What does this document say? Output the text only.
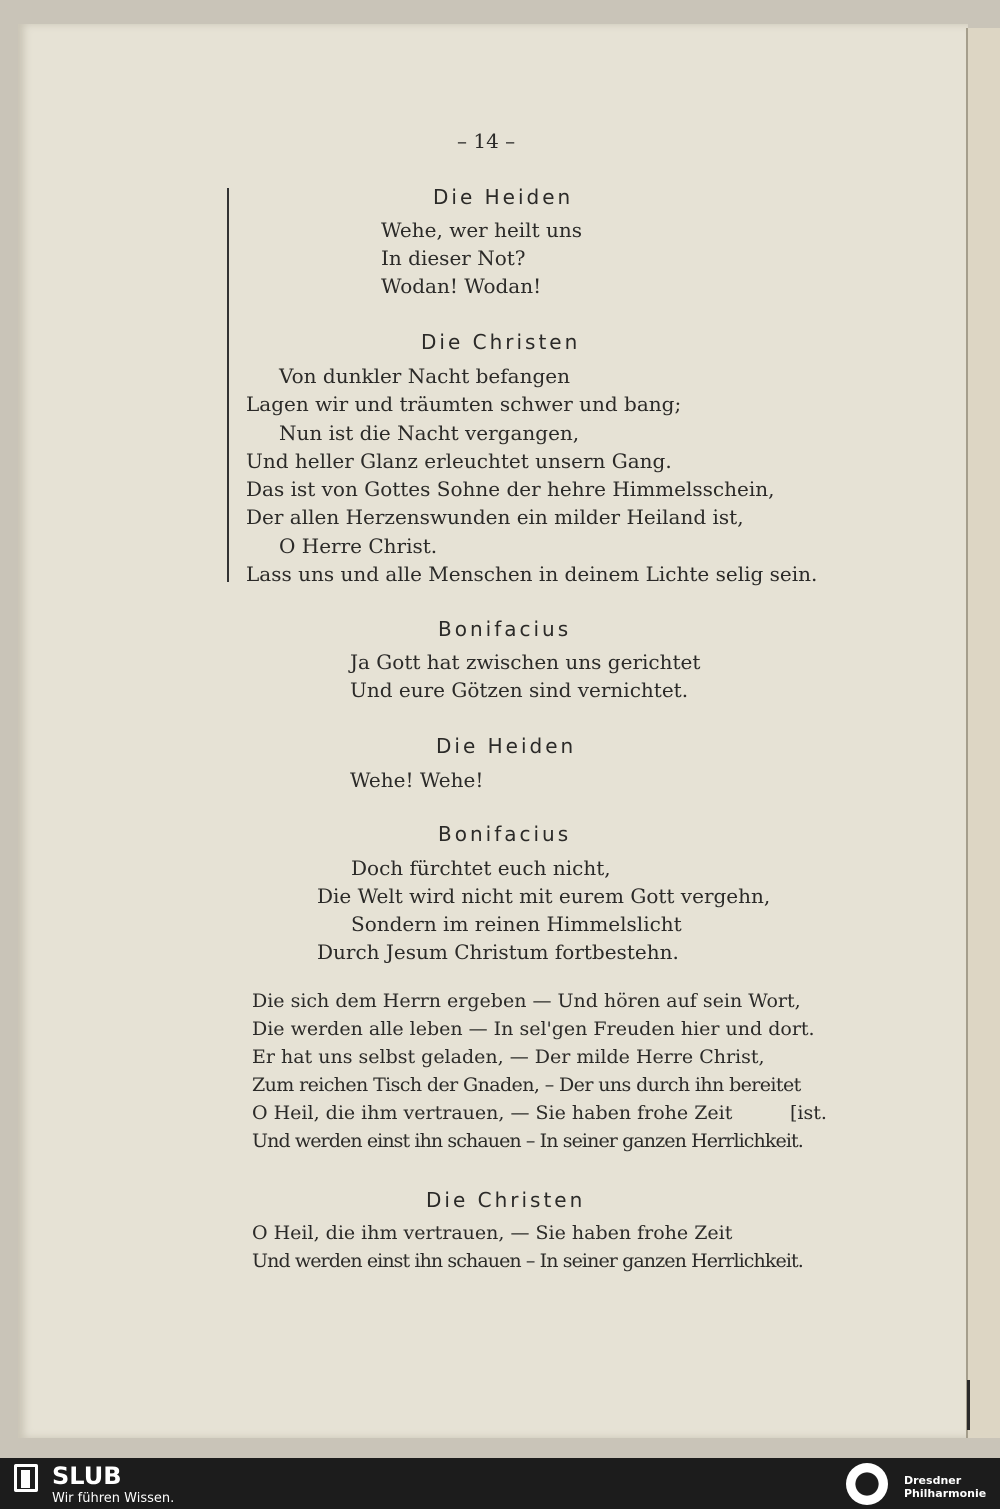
– 14 –
Die Heiden
Wehe, wer heilt uns
In dieser Not?
Wodan! Wodan!
Die Christen
Von dunkler Nacht befangen
Lagen wir und träumten schwer und bang;
Nun ist die Nacht vergangen,
Und heller Glanz erleuchtet unsern Gang.
Das ist von Gottes Sohne der hehre Himmelsschein,
Der allen Herzenswunden ein milder Heiland ist,
O Herre Christ.
Lass uns und alle Menschen in deinem Lichte selig sein.
Bonifacius
Ja Gott hat zwischen uns gerichtet
Und eure Götzen sind vernichtet.
Die Heiden
Wehe! Wehe!
Bonifacius
Doch fürchtet euch nicht,
Die Welt wird nicht mit eurem Gott vergehn,
Sondern im reinen Himmelslicht
Durch Jesum Christum fortbestehn.
Die sich dem Herrn ergeben — Und hören auf sein Wort,
Die werden alle leben — In sel'gen Freuden hier und dort.
Er hat uns selbst geladen, — Der milde Herre Christ,
Zum reichen Tisch der Gnaden, – Der uns durch ihn bereitet
O Heil, die ihm vertrauen, — Sie haben frohe Zeit	[ist.
Und werden einst ihn schauen – In seiner ganzen Herrlichkeit.
Die Christen
O Heil, die ihm vertrauen, — Sie haben frohe Zeit
Und werden einst ihn schauen – In seiner ganzen Herrlichkeit.
SLUB
Wir führen Wissen.
Dresdner
Philharmonie
